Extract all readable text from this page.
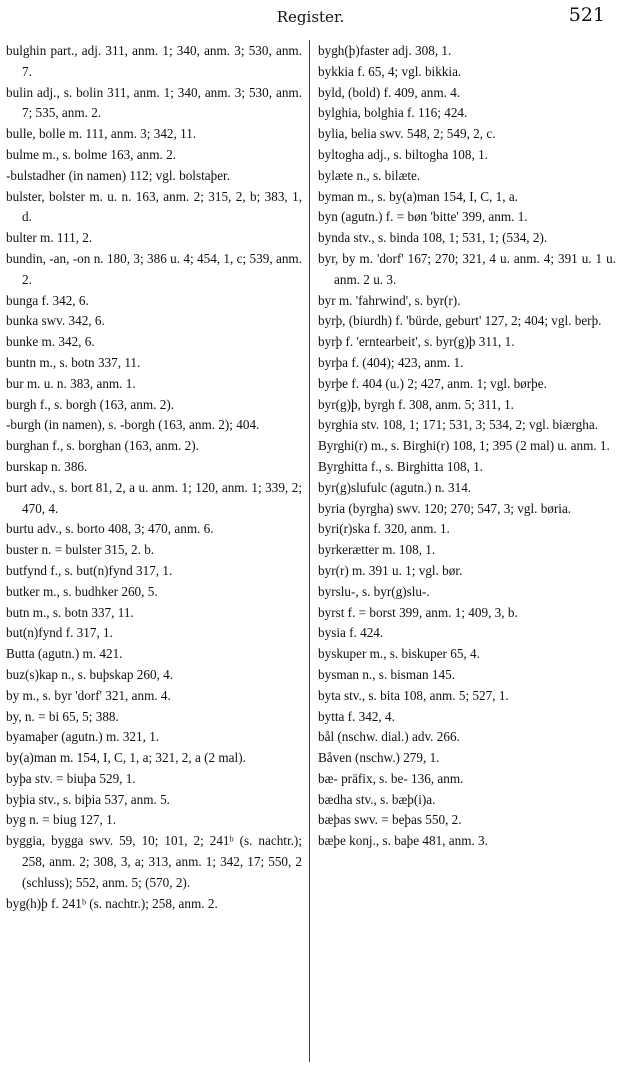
Register.	521
bulghin part., adj. 311, anm. 1; 340, anm. 3; 530, anm. 7.
bulin adj., s. bolin 311, anm. 1; 340, anm. 3; 530, anm. 7; 535, anm. 2.
bulle, bolle m. 111, anm. 3; 342, 11.
bulme m., s. bolme 163, anm. 2.
-bulstadher (in namen) 112; vgl. bolstaþer.
bulster, bolster m. u. n. 163, anm. 2; 315, 2, b; 383, 1, d.
bulter m. 111, 2.
bundin, -an, -on n. 180, 3; 386 u. 4; 454, 1, c; 539, anm. 2.
bunga f. 342, 6.
bunka swv. 342, 6.
bunke m. 342, 6.
buntn m., s. botn 337, 11.
bur m. u. n. 383, anm. 1.
burgh f., s. borgh (163, anm. 2).
-burgh (in namen), s. -borgh (163, anm. 2); 404.
burghan f., s. borghan (163, anm. 2).
burskap n. 386.
burt adv., s. bort 81, 2, a u. anm. 1; 120, anm. 1; 339, 2; 470, 4.
burtu adv., s. borto 408, 3; 470, anm. 6.
buster n. = bulster 315, 2. b.
butfynd f., s. but(n)fynd 317, 1.
butker m., s. budhker 260, 5.
butn m., s. botn 337, 11.
but(n)fynd f. 317, 1.
Butta (agutn.) m. 421.
buz(s)kap n., s. buþskap 260, 4.
by m., s. byr 'dorf' 321, anm. 4.
by, n. = bi 65, 5; 388.
byamaþer (agutn.) m. 321, 1.
by(a)man m. 154, I, C, 1, a; 321, 2, a (2 mal).
byþa stv. = biuþa 529, 1.
byþia stv., s. biþia 537, anm. 5.
byg n. = biug 127, 1.
byggia, bygga swv. 59, 10; 101, 2; 241ᵇ (s. nachtr.); 258, anm. 2; 308, 3, a; 313, anm. 1; 342, 17; 550, 2 (schluss); 552, anm. 5; (570, 2).
byg(h)þ f. 241ᵇ (s. nachtr.); 258, anm. 2.
bygh(þ)faster adj. 308, 1.
bykkia f. 65, 4; vgl. bikkia.
byld, (bold) f. 409, anm. 4.
bylghia, bolghia f. 116; 424.
bylia, belia swv. 548, 2; 549, 2, c.
byltogha adj., s. biltogha 108, 1.
bylæte n., s. bilæte.
byman m., s. by(a)man 154, I, C, 1, a.
byn (agutn.) f. = bøn 'bitte' 399, anm. 1.
bynda stv., s. binda 108, 1; 531, 1; (534, 2).
byr, by m. 'dorf' 167; 270; 321, 4 u. anm. 4; 391 u. 1 u. anm. 2 u. 3.
byr m. 'fahrwind', s. byr(r).
byrþ, (biurdh) f. 'bürde, geburt' 127, 2; 404; vgl. berþ.
byrþ f. 'erntearbeit', s. byr(g)þ 311, 1.
byrþa f. (404); 423, anm. 1.
byrþe f. 404 (u.) 2; 427, anm. 1; vgl. børþe.
byr(g)þ, byrgh f. 308, anm. 5; 311, 1.
byrghia stv. 108, 1; 171; 531, 3; 534, 2; vgl. biærgha.
Byrghi(r) m., s. Birghi(r) 108, 1; 395 (2 mal) u. anm. 1.
Byrghitta f., s. Birghitta 108, 1.
byr(g)slufulc (agutn.) n. 314.
byria (byrgha) swv. 120; 270; 547, 3; vgl. børia.
byri(r)ska f. 320, anm. 1.
byrkerætter m. 108, 1.
byr(r) m. 391 u. 1; vgl. bør.
byrslu-, s. byr(g)slu-.
byrst f. = borst 399, anm. 1; 409, 3, b.
bysia f. 424.
byskuper m., s. biskuper 65, 4.
bysman n., s. bisman 145.
byta stv., s. bita 108, anm. 5; 527, 1.
bytta f. 342, 4.
bål (nschw. dial.) adv. 266.
Båven (nschw.) 279, 1.
bæ- präfix, s. be- 136, anm.
bædha stv., s. bæþ(i)a.
bæþas swv. = beþas 550, 2.
bæþe konj., s. baþe 481, anm. 3.
